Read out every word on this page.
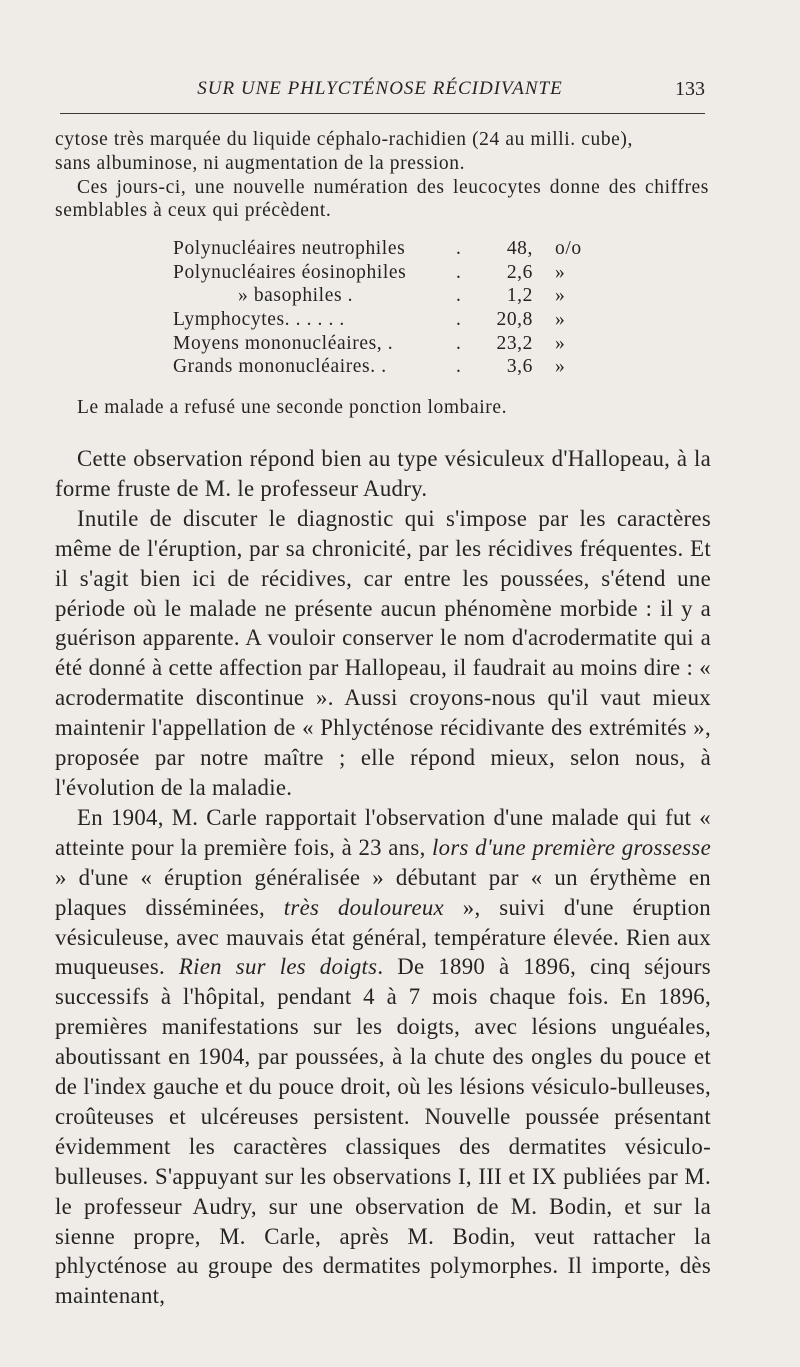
SUR UNE PHLYCTÉNOSE RÉCIDIVANTE	133

cytose très marquée du liquide céphalo-rachidien (24 au milli. cube),

sans albuminose, ni augmentation de la pression.

Ces jours-ci, une nouvelle numération des leucocytes donne des chiffres semblables à ceux qui précèdent.

Polynucléaires neutrophiles	. 48, o/o
Polynucléaires éosinophiles	. 2,6 »
» basophiles .	. 1,2 »
Lymphocytes. . . . . .	. 20,8 »
Moyens mononucléaires, .	. 23,2 »
Grands mononucléaires. .	. 3,6 »
Le malade a refusé une seconde ponction lombaire.

Cette observation répond bien au type vésiculeux d'Hallopeau, à la forme fruste de M. le professeur Audry.

Inutile de discuter le diagnostic qui s'impose par les caractères même de l'éruption, par sa chronicité, par les récidives fréquentes. Et il s'agit bien ici de récidives, car entre les poussées, s'étend une période où le malade ne présente aucun phénomène morbide : il y a guérison apparente. A vouloir conserver le nom d'acrodermatite qui a été donné à cette affection par Hallopeau, il faudrait au moins dire : « acrodermatite discontinue ». Aussi croyons-nous qu'il vaut mieux maintenir l'appellation de « Phlycténose récidivante des extrémités », proposée par notre maître ; elle répond mieux, selon nous, à l'évolution de la maladie.

En 1904, M. Carle rapportait l'observation d'une malade qui fut « atteinte pour la première fois, à 23 ans, lors d'une première grossesse » d'une « éruption généralisée » débutant par « un érythème en plaques disséminées, très douloureux », suivi d'une éruption vésiculeuse, avec mauvais état général, température élevée. Rien aux muqueuses. Rien sur les doigts. De 1890 à 1896, cinq séjours successifs à l'hôpital, pendant 4 à 7 mois chaque fois. En 1896, premières manifestations sur les doigts, avec lésions unguéales, aboutissant en 1904, par poussées, à la chute des ongles du pouce et de l'index gauche et du pouce droit, où les lésions vésiculo-bulleuses, croûteuses et ulcéreuses persistent. Nouvelle poussée présentant évidemment les caractères classiques des dermatites vésiculo-bulleuses. S'appuyant sur les observations I, III et IX publiées par M. le professeur Audry, sur une observation de M. Bodin, et sur la sienne propre, M. Carle, après M. Bodin, veut rattacher la phlycténose au groupe des dermatites polymorphes. Il importe, dès maintenant,
